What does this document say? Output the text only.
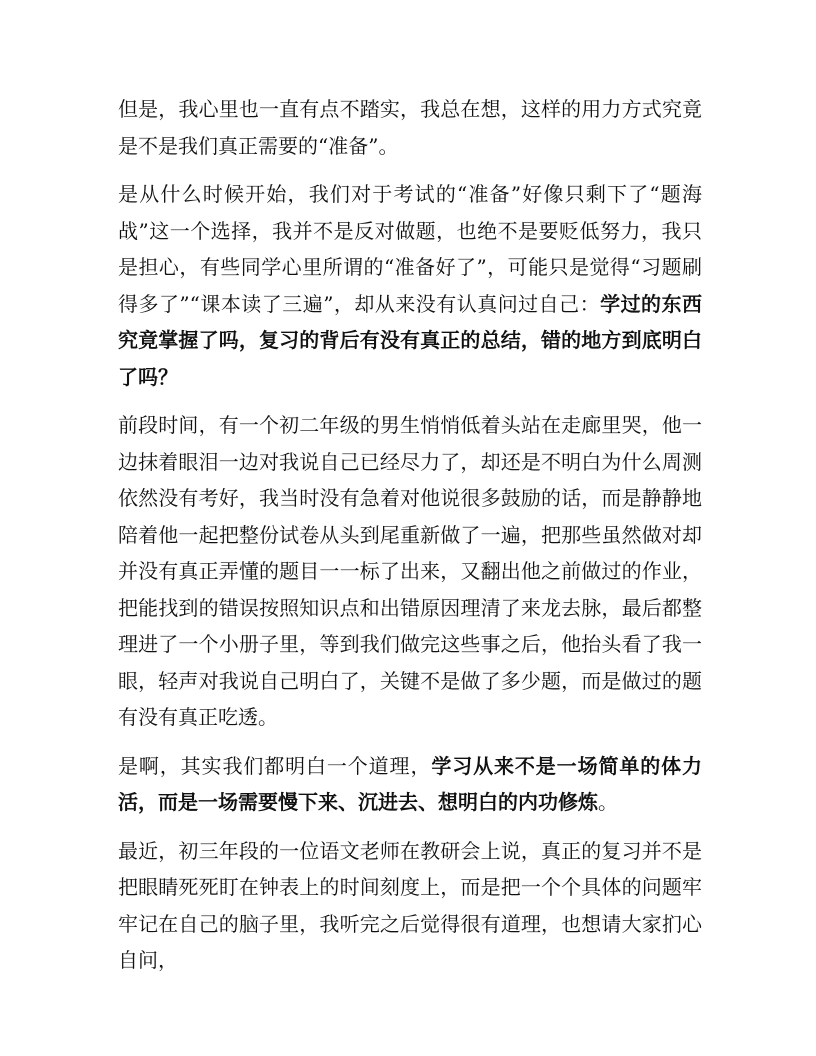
但是，我心里也一直有点不踏实，我总在想，这样的用力方式究竟是不是我们真正需要的“准备”。

是从什么时候开始，我们对于考试的“准备”好像只剩下了“题海战”这一个选择，我并不是反对做题，也绝不是要贬低努力，我只是担心，有些同学心里所谓的“准备好了”，可能只是觉得“习题刷得多了”“课本读了三遍”，却从来没有认真问过自己：学过的东西究竟掌握了吗，复习的背后有没有真正的总结，错的地方到底明白了吗？

前段时间，有一个初二年级的男生悄悄低着头站在走廊里哭，他一边抹着眼泪一边对我说自己已经尽力了，却还是不明白为什么周测依然没有考好，我当时没有急着对他说很多鼓励的话，而是静静地陪着他一起把整份试卷从头到尾重新做了一遍，把那些虽然做对却并没有真正弄懂的题目一一标了出来，又翻出他之前做过的作业，把能找到的错误按照知识点和出错原因理清了来龙去脉，最后都整理进了一个小册子里，等到我们做完这些事之后，他抬头看了我一眼，轻声对我说自己明白了，关键不是做了多少题，而是做过的题有没有真正吃透。

是啊，其实我们都明白一个道理，学习从来不是一场简单的体力活，而是一场需要慢下来、沉进去、想明白的内功修炼。

最近，初三年段的一位语文老师在教研会上说，真正的复习并不是把眼睛死死盯在钟表上的时间刻度上，而是把一个个具体的问题牢牢记在自己的脑子里，我听完之后觉得很有道理，也想请大家扪心自问，
